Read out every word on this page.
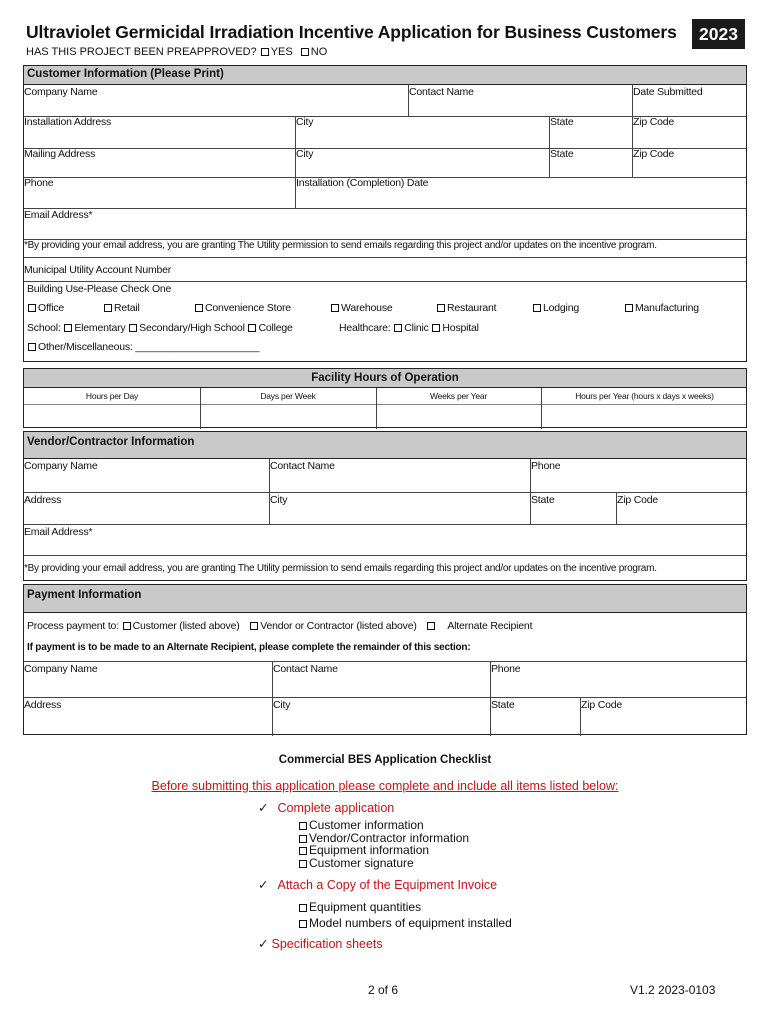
Ultraviolet Germicidal Irradiation Incentive Application for Business Customers	2023
HAS THIS PROJECT BEEN PREAPPROVED? YES NO
Customer Information (Please Print)
Company Name	Contact Name	Date Submitted
Installation Address	City	State	Zip Code
Mailing Address	City	State	Zip Code
Phone	Installation (Completion) Date
Email Address*
*By providing your email address, you are granting The Utility permission to send emails regarding this project and/or updates on the incentive program.
Municipal Utility Account Number
Building Use-Please Check One
Office	Retail	Convenience Store	Warehouse	Restaurant	Lodging	Manufacturing
School: Elementary Secondary/High School College	Healthcare: Clinic Hospital
Other/Miscellaneous: ______________________
Facility Hours of Operation
Hours per Day	Days per Week	Weeks per Year	Hours per Year (hours x days x weeks)
Vendor/Contractor Information
Company Name	Contact Name	Phone
Address	City	State	Zip Code
Email Address*
*By providing your email address, you are granting The Utility permission to send emails regarding this project and/or updates on the incentive program.
Payment Information
Process payment to: Customer (listed above) Vendor or Contractor (listed above)	Alternate Recipient
If payment is to be made to an Alternate Recipient, please complete the remainder of this section:
Company Name	Contact Name	Phone
Address	City	State	Zip Code
Commercial BES Application Checklist
Before submitting this application please complete and include all items listed below:
✓ Complete application
Customer information
Vendor/Contractor information
Equipment information
Customer signature
✓ Attach a Copy of the Equipment Invoice
Equipment quantities
Model numbers of equipment installed
✓ Specification sheets
2 of 6	V1.2 2023-0103
